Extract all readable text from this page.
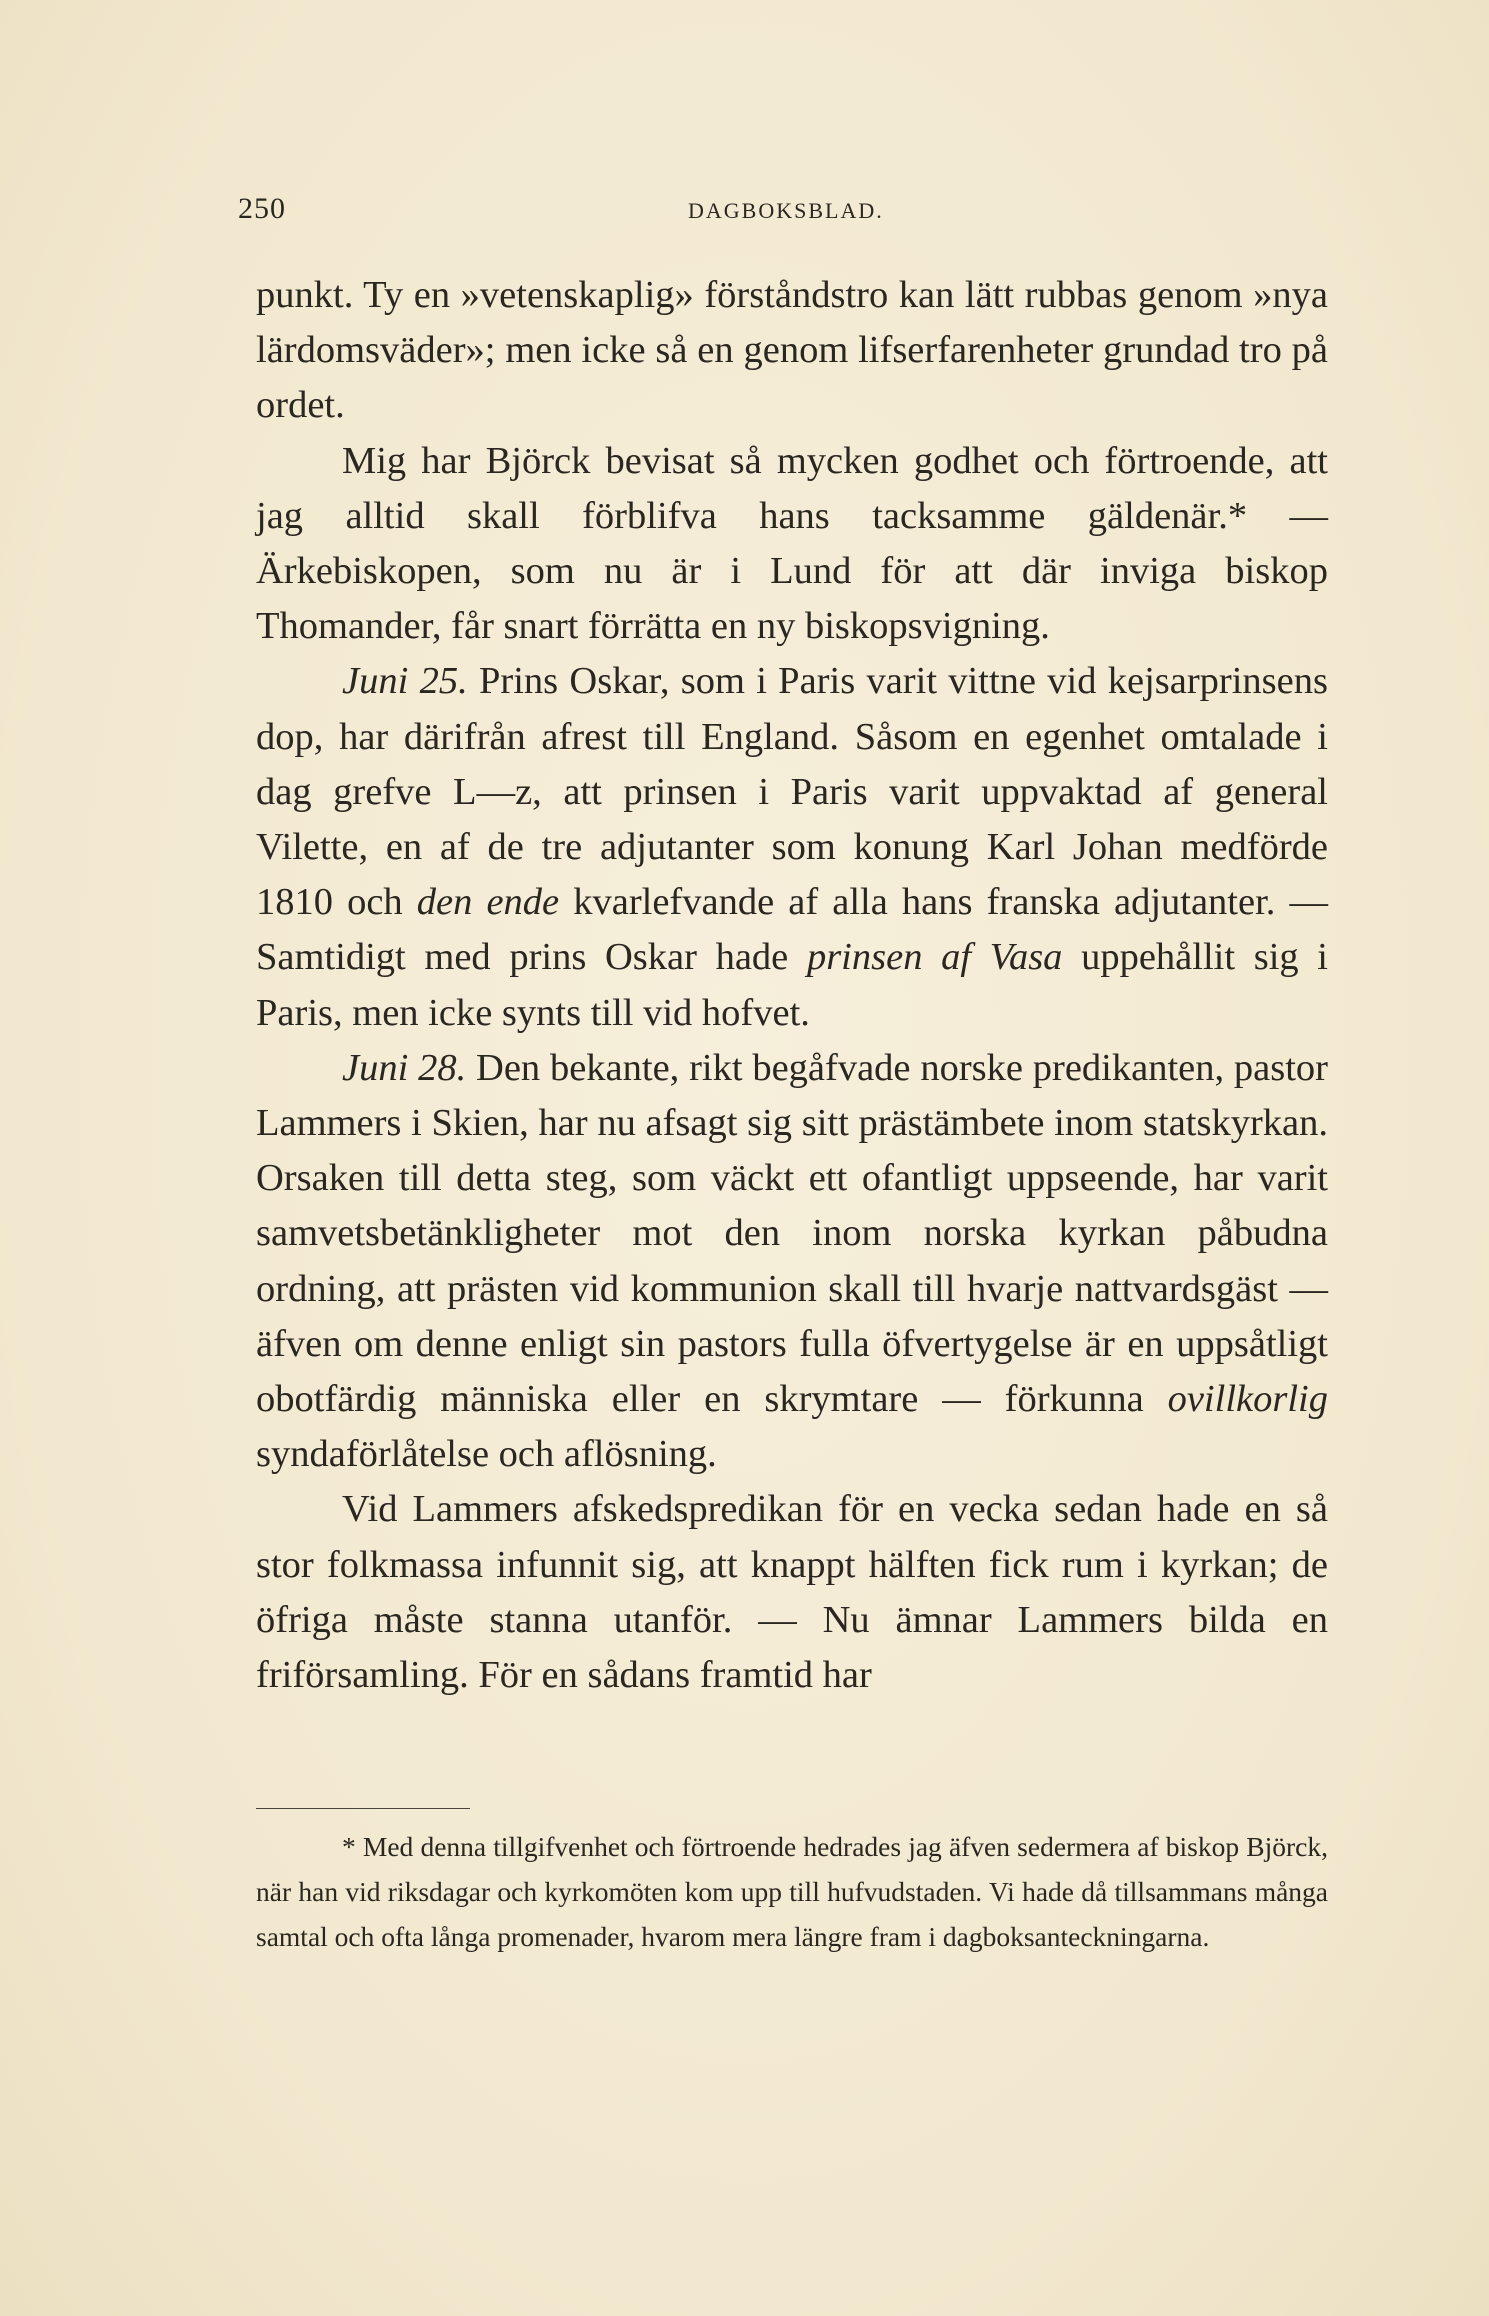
250	DAGBOKSBLAD.

punkt. Ty en »vetenskaplig» förståndstro kan lätt rubbas genom »nya lärdomsväder»; men icke så en genom lifserfarenheter grundad tro på ordet.

Mig har Björck bevisat så mycken godhet och förtroende, att jag alltid skall förblifva hans tacksamme gäldenär.* — Ärkebiskopen, som nu är i Lund för att där inviga biskop Thomander, får snart förrätta en ny biskopsvigning.

Juni 25. Prins Oskar, som i Paris varit vittne vid kejsarprinsens dop, har därifrån afrest till England. Såsom en egenhet omtalade i dag grefve L—z, att prinsen i Paris varit uppvaktad af general Vilette, en af de tre adjutanter som konung Karl Johan medförde 1810 och den ende kvarlefvande af alla hans franska adjutanter. — Samtidigt med prins Oskar hade prinsen af Vasa uppehållit sig i Paris, men icke synts till vid hofvet.

Juni 28. Den bekante, rikt begåfvade norske predikanten, pastor Lammers i Skien, har nu afsagt sig sitt prästämbete inom statskyrkan. Orsaken till detta steg, som väckt ett ofantligt uppseende, har varit samvetsbetänkligheter mot den inom norska kyrkan påbudna ordning, att prästen vid kommunion skall till hvarje nattvardsgäst — äfven om denne enligt sin pastors fulla öfvertygelse är en uppsåtligt obotfärdig människa eller en skrymtare — förkunna ovillkorlig syndaförlåtelse och aflösning.

Vid Lammers afskedspredikan för en vecka sedan hade en så stor folkmassa infunnit sig, att knappt hälften fick rum i kyrkan; de öfriga måste stanna utanför. — Nu ämnar Lammers bilda en friförsamling. För en sådans framtid har

* Med denna tillgifvenhet och förtroende hedrades jag äfven sedermera af biskop Björck, när han vid riksdagar och kyrkomöten kom upp till hufvudstaden. Vi hade då tillsammans många samtal och ofta långa promenader, hvarom mera längre fram i dagboksanteckningarna.
